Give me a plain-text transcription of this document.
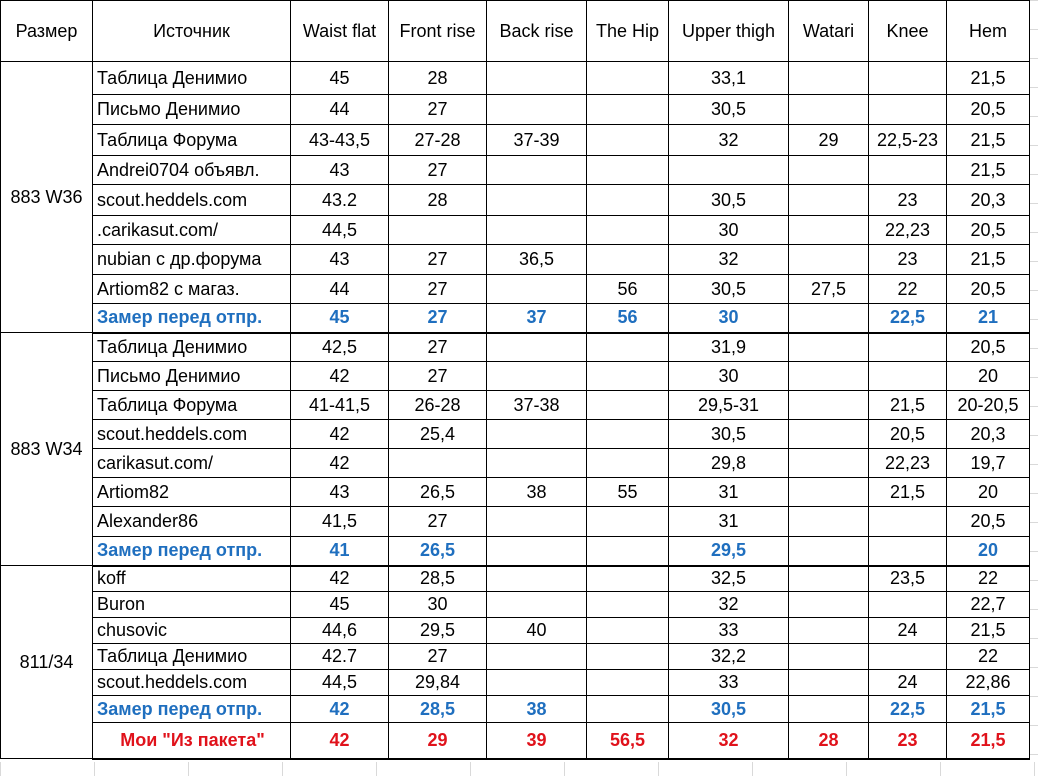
Размер	Источник	Waist flat	Front rise	Back rise	The Hip	Upper thigh	Watari	Knee	Hem
883 W36	Таблица Денимио	45	28			33,1			21,5
	Письмо Денимио	44	27			30,5			20,5
	Таблица Форума	43-43,5	27-28	37-39		32	29	22,5-23	21,5
	Andrei0704 объявл.	43	27						21,5
	scout.heddels.com	43.2	28			30,5		23	20,3
	.carikasut.com/	44,5				30		22,23	20,5
	nubian с др.форума	43	27	36,5		32		23	21,5
	Artiom82 с магаз.	44	27		56	30,5	27,5	22	20,5
	Замер перед отпр.	45	27	37	56	30		22,5	21
883 W34	Таблица Денимио	42,5	27			31,9			20,5
	Письмо Денимио	42	27			30			20
	Таблица Форума	41-41,5	26-28	37-38		29,5-31		21,5	20-20,5
	scout.heddels.com	42	25,4			30,5		20,5	20,3
	carikasut.com/	42				29,8		22,23	19,7
	Artiom82	43	26,5	38	55	31		21,5	20
	Alexander86	41,5	27			31			20,5
	Замер перед отпр.	41	26,5			29,5			20
811/34	koff	42	28,5			32,5		23,5	22
	Buron	45	30			32			22,7
	chusovic	44,6	29,5	40		33		24	21,5
	Таблица Денимио	42.7	27			32,2			22
	scout.heddels.com	44,5	29,84			33		24	22,86
	Замер перед отпр.	42	28,5	38		30,5		22,5	21,5
	Мои "Из пакета"	42	29	39	56,5	32	28	23	21,5
